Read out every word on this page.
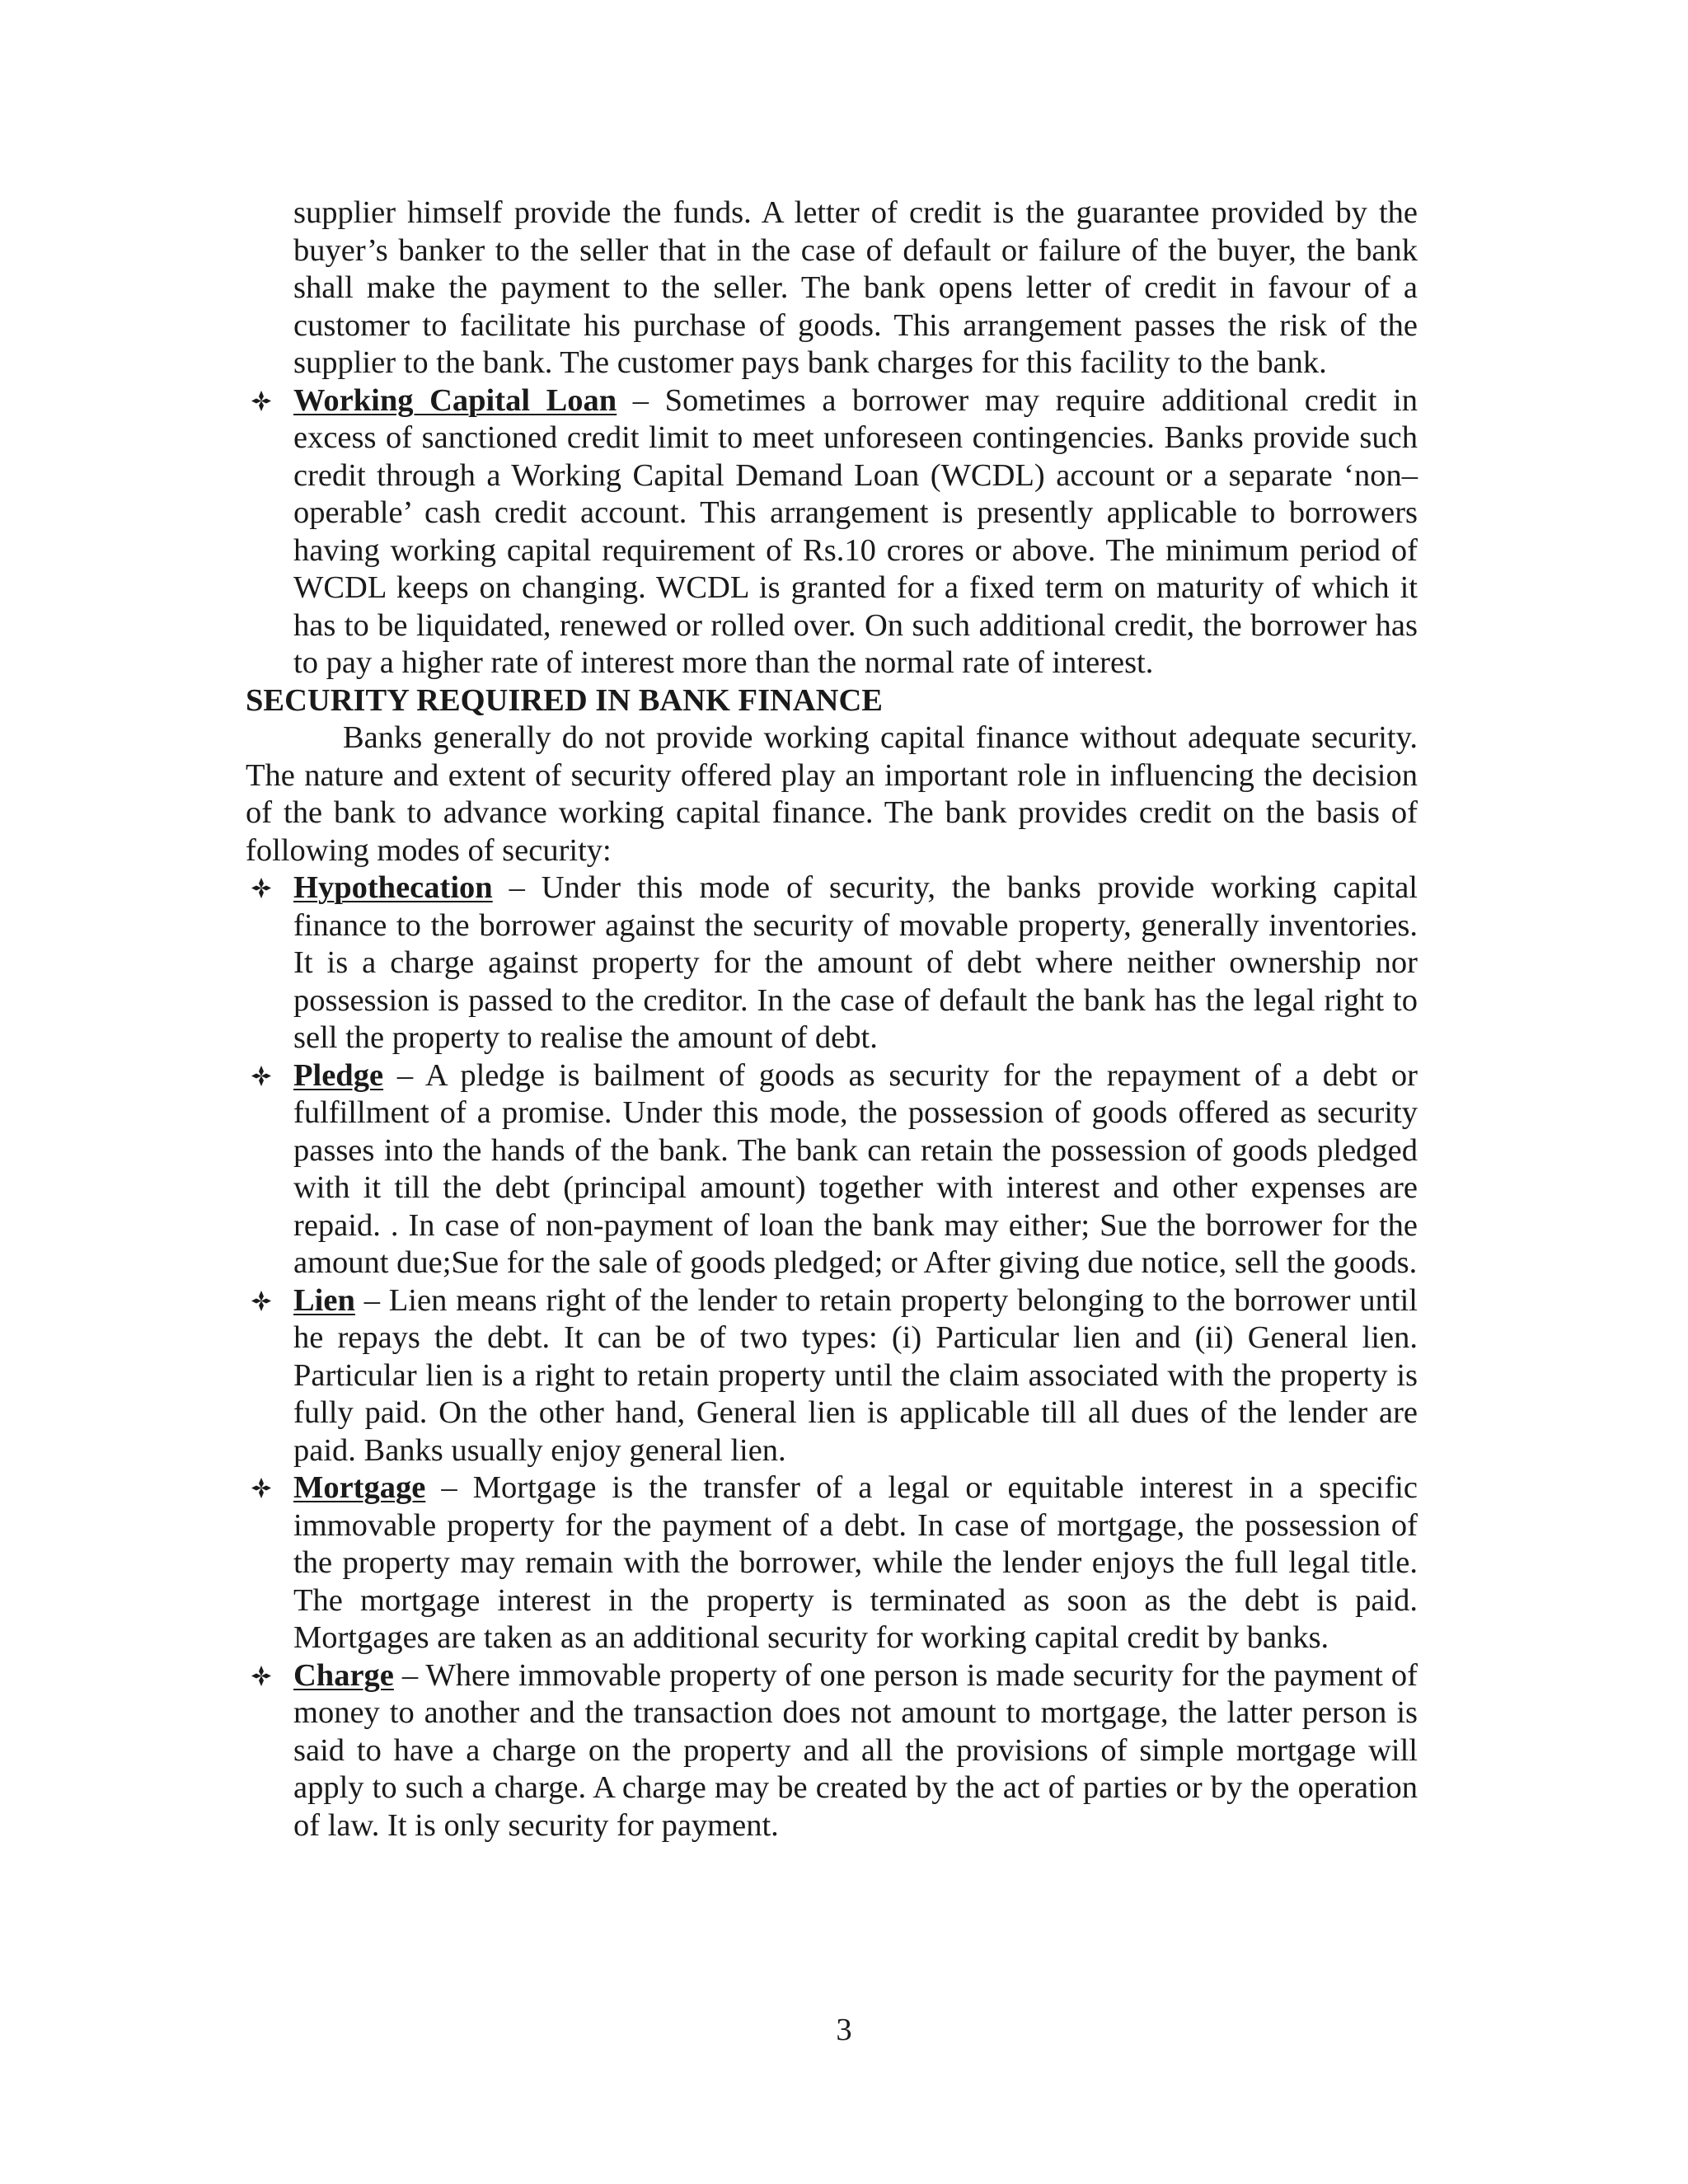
supplier himself provide the funds. A letter of credit is the guarantee provided by the buyer’s banker to the seller that in the case of default or failure of the buyer, the bank shall make the payment to the seller. The bank opens letter of credit in favour of a customer to facilitate his purchase of goods. This arrangement passes the risk of the supplier to the bank. The customer pays bank charges for this facility to the bank.

Working Capital Loan – Sometimes a borrower may require additional credit in excess of sanctioned credit limit to meet unforeseen contingencies. Banks provide such credit through a Working Capital Demand Loan (WCDL) account or a separate ‘non–operable’ cash credit account. This arrangement is presently applicable to borrowers having working capital requirement of Rs.10 crores or above. The minimum period of WCDL keeps on changing. WCDL is granted for a fixed term on maturity of which it has to be liquidated, renewed or rolled over. On such additional credit, the borrower has to pay a higher rate of interest more than the normal rate of interest.

SECURITY REQUIRED IN BANK FINANCE

Banks generally do not provide working capital finance without adequate security. The nature and extent of security offered play an important role in influencing the decision of the bank to advance working capital finance. The bank provides credit on the basis of following modes of security:

Hypothecation – Under this mode of security, the banks provide working capital finance to the borrower against the security of movable property, generally inventories. It is a charge against property for the amount of debt where neither ownership nor possession is passed to the creditor. In the case of default the bank has the legal right to sell the property to realise the amount of debt.

Pledge – A pledge is bailment of goods as security for the repayment of a debt or fulfillment of a promise. Under this mode, the possession of goods offered as security passes into the hands of the bank. The bank can retain the possession of goods pledged with it till the debt (principal amount) together with interest and other expenses are repaid. . In case of non-payment of loan the bank may either; Sue the borrower for the amount due;Sue for the sale of goods pledged; or After giving due notice, sell the goods.

Lien – Lien means right of the lender to retain property belonging to the borrower until he repays the debt. It can be of two types: (i) Particular lien and (ii) General lien. Particular lien is a right to retain property until the claim associated with the property is fully paid. On the other hand, General lien is applicable till all dues of the lender are paid. Banks usually enjoy general lien.

Mortgage – Mortgage is the transfer of a legal or equitable interest in a specific immovable property for the payment of a debt. In case of mortgage, the possession of the property may remain with the borrower, while the lender enjoys the full legal title. The mortgage interest in the property is terminated as soon as the debt is paid. Mortgages are taken as an additional security for working capital credit by banks.

Charge – Where immovable property of one person is made security for the payment of money to another and the transaction does not amount to mortgage, the latter person is said to have a charge on the property and all the provisions of simple mortgage will apply to such a charge. A charge may be created by the act of parties or by the operation of law. It is only security for payment.

3
